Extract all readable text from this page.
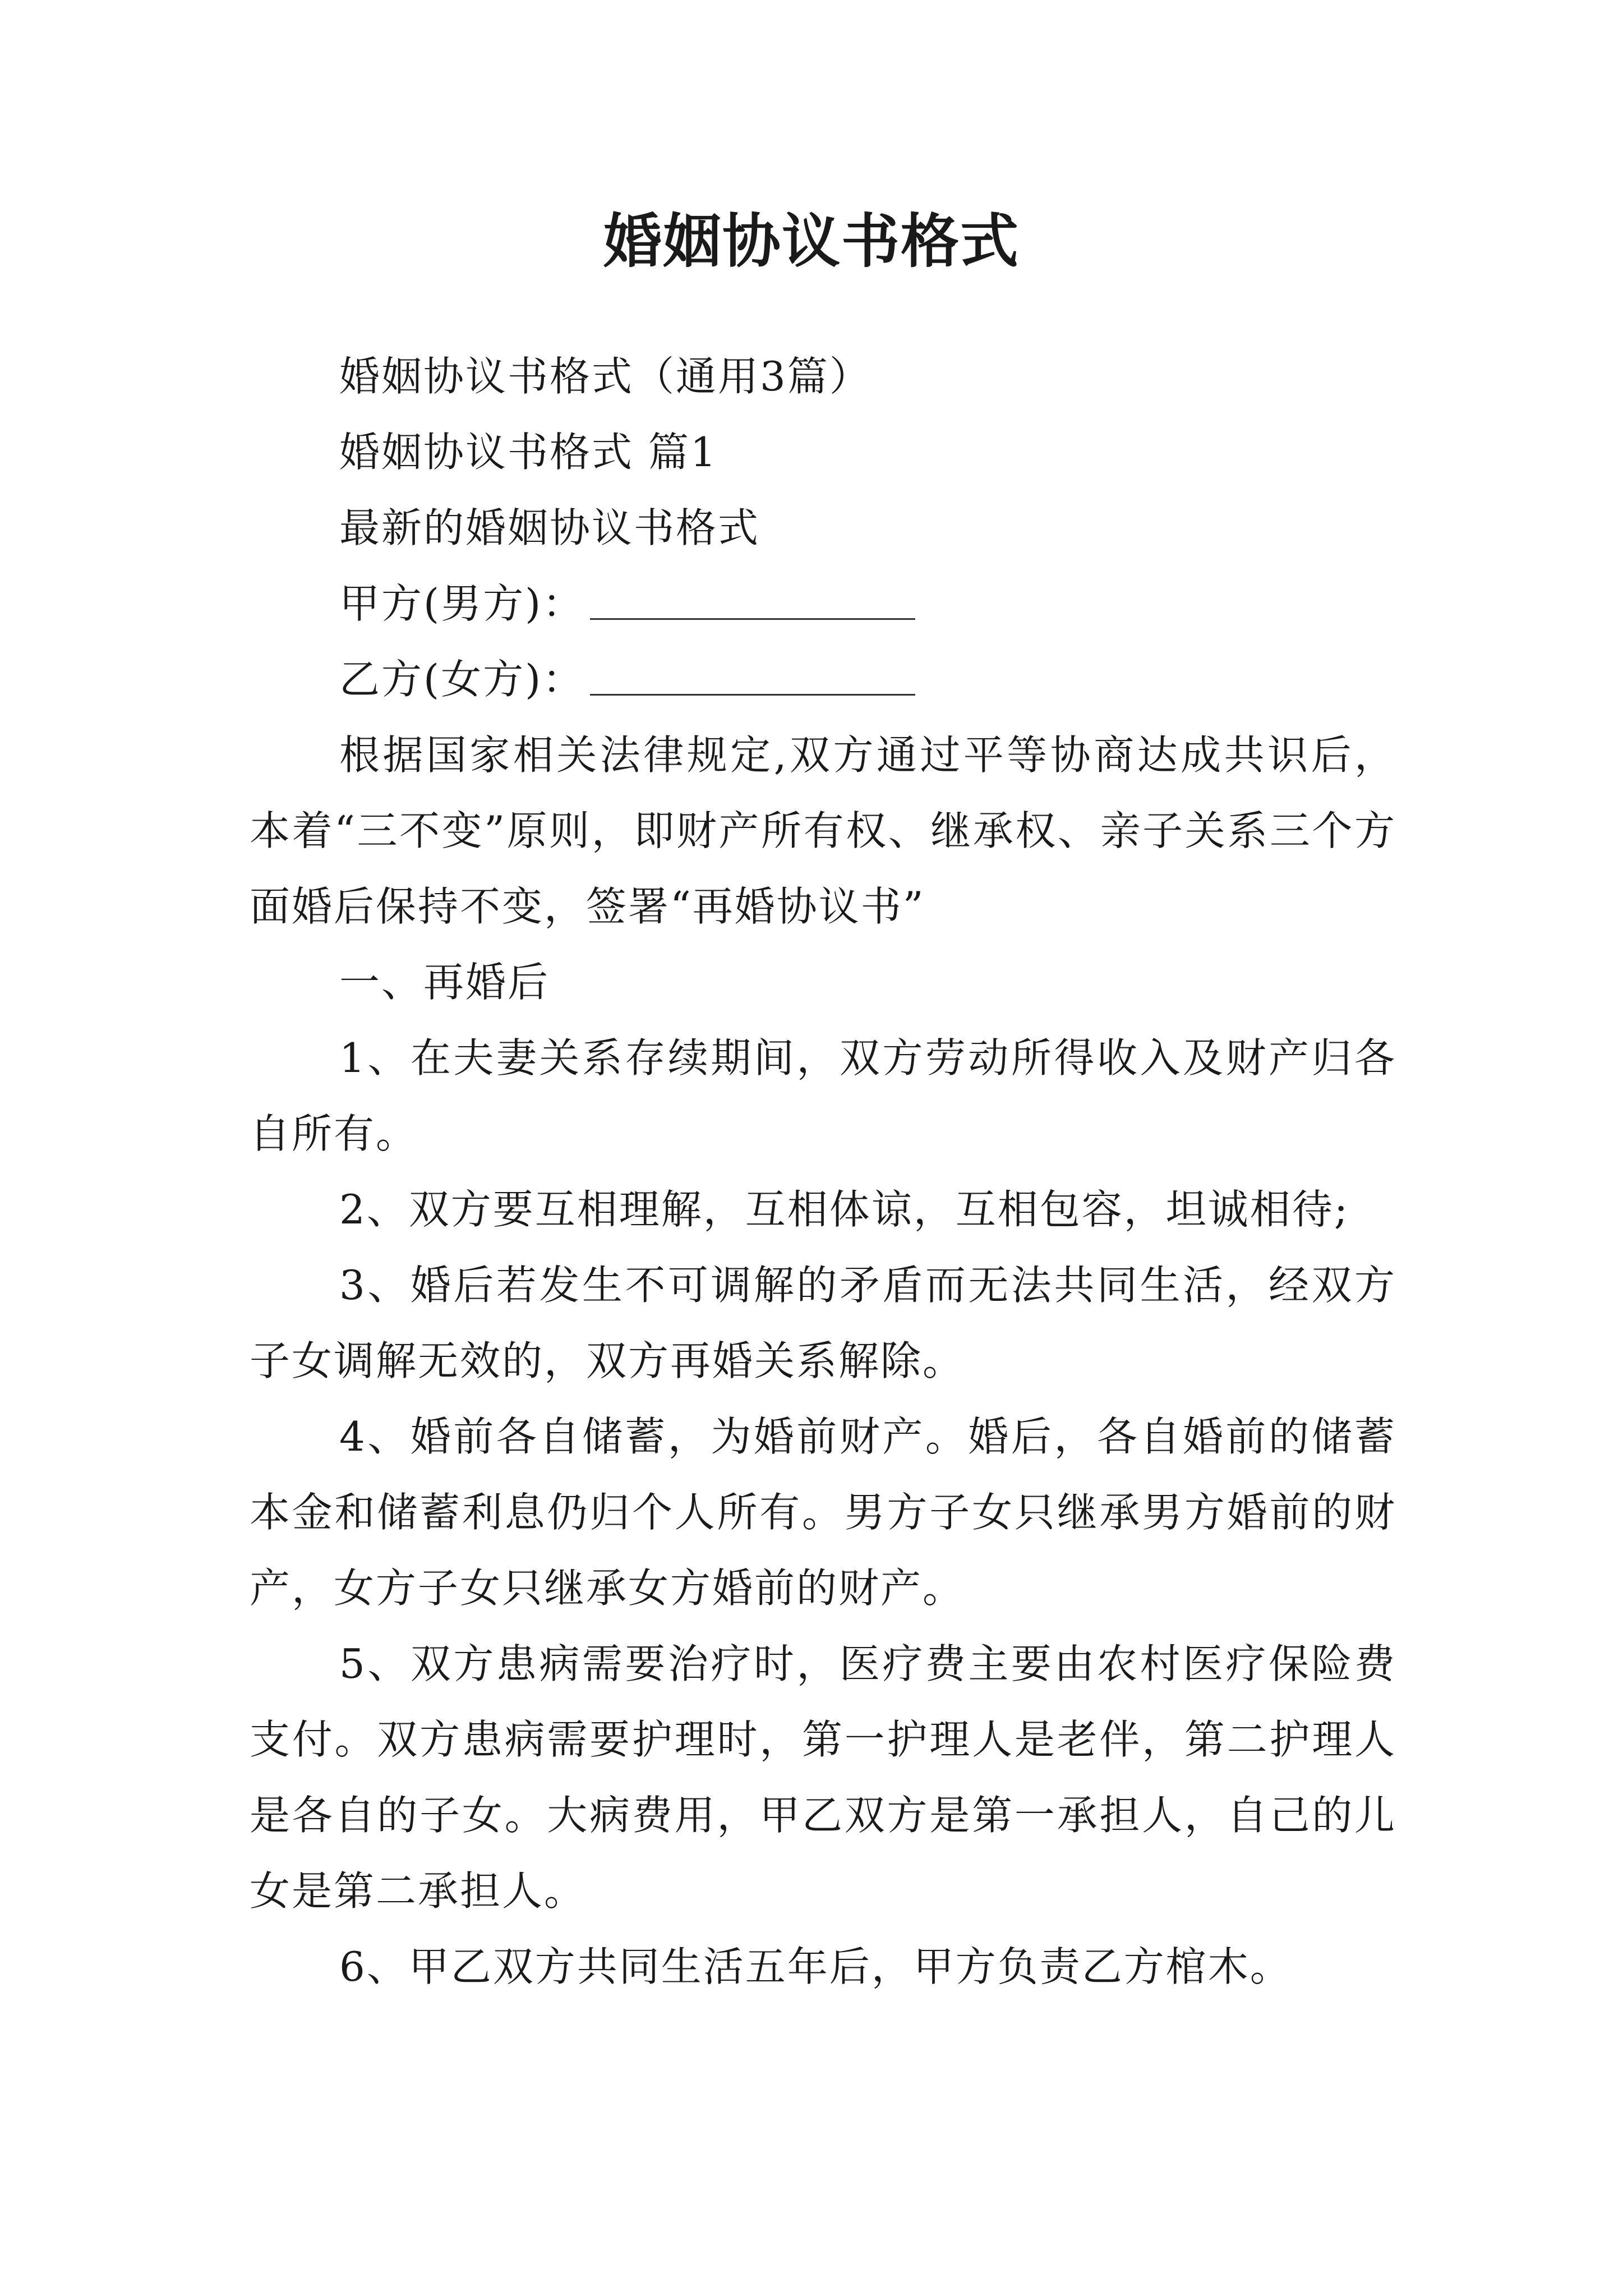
婚姻协议书格式

婚姻协议书格式（通用3篇）

婚姻协议书格式 篇1

最新的婚姻协议书格式

甲方(男方)：

乙方(女方)：

根据国家相关法律规定,双方通过平等协商达成共识后，本着“三不变”原则，即财产所有权、继承权、亲子关系三个方面婚后保持不变，签署“再婚协议书”

一、再婚后

1、在夫妻关系存续期间，双方劳动所得收入及财产归各自所有。

2、双方要互相理解，互相体谅，互相包容，坦诚相待;

3、婚后若发生不可调解的矛盾而无法共同生活，经双方子女调解无效的，双方再婚关系解除。

4、婚前各自储蓄，为婚前财产。婚后，各自婚前的储蓄本金和储蓄利息仍归个人所有。男方子女只继承男方婚前的财产，女方子女只继承女方婚前的财产。

5、双方患病需要治疗时，医疗费主要由农村医疗保险费支付。双方患病需要护理时，第一护理人是老伴，第二护理人是各自的子女。大病费用，甲乙双方是第一承担人，自己的儿女是第二承担人。

6、甲乙双方共同生活五年后，甲方负责乙方棺木。
